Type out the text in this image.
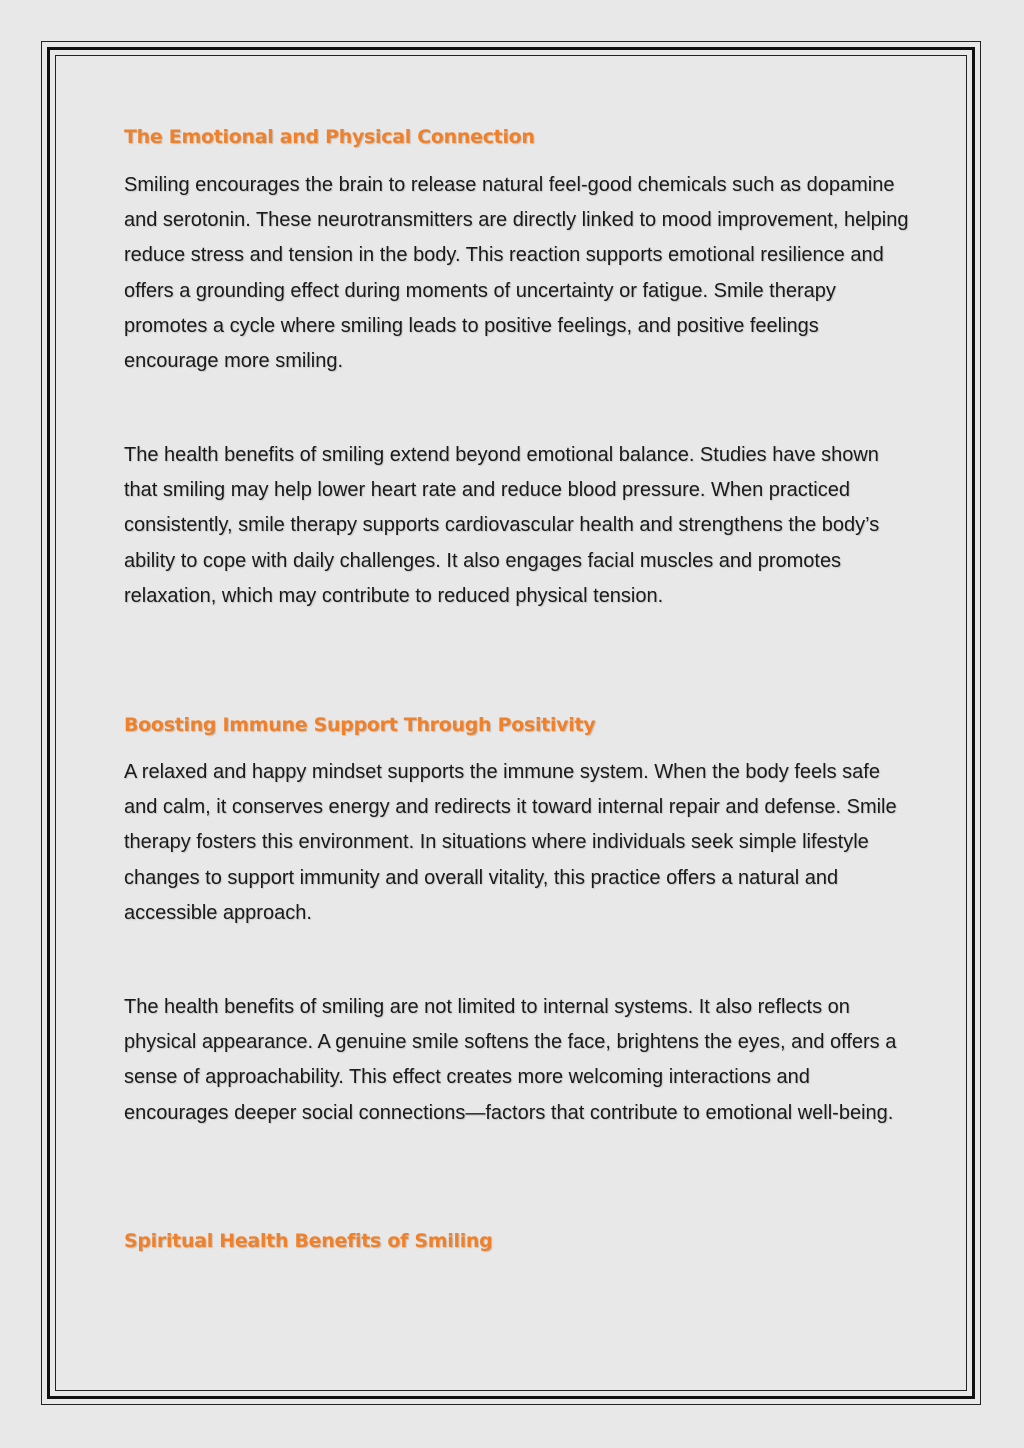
The Emotional and Physical Connection

Smiling encourages the brain to release natural feel-good chemicals such as dopamine and serotonin. These neurotransmitters are directly linked to mood improvement, helping reduce stress and tension in the body. This reaction supports emotional resilience and offers a grounding effect during moments of uncertainty or fatigue. Smile therapy promotes a cycle where smiling leads to positive feelings, and positive feelings encourage more smiling.

The health benefits of smiling extend beyond emotional balance. Studies have shown that smiling may help lower heart rate and reduce blood pressure. When practiced consistently, smile therapy supports cardiovascular health and strengthens the body’s ability to cope with daily challenges. It also engages facial muscles and promotes relaxation, which may contribute to reduced physical tension.

Boosting Immune Support Through Positivity

A relaxed and happy mindset supports the immune system. When the body feels safe and calm, it conserves energy and redirects it toward internal repair and defense. Smile therapy fosters this environment. In situations where individuals seek simple lifestyle changes to support immunity and overall vitality, this practice offers a natural and accessible approach.

The health benefits of smiling are not limited to internal systems. It also reflects on physical appearance. A genuine smile softens the face, brightens the eyes, and offers a sense of approachability. This effect creates more welcoming interactions and encourages deeper social connections—factors that contribute to emotional well-being.

Spiritual Health Benefits of Smiling
